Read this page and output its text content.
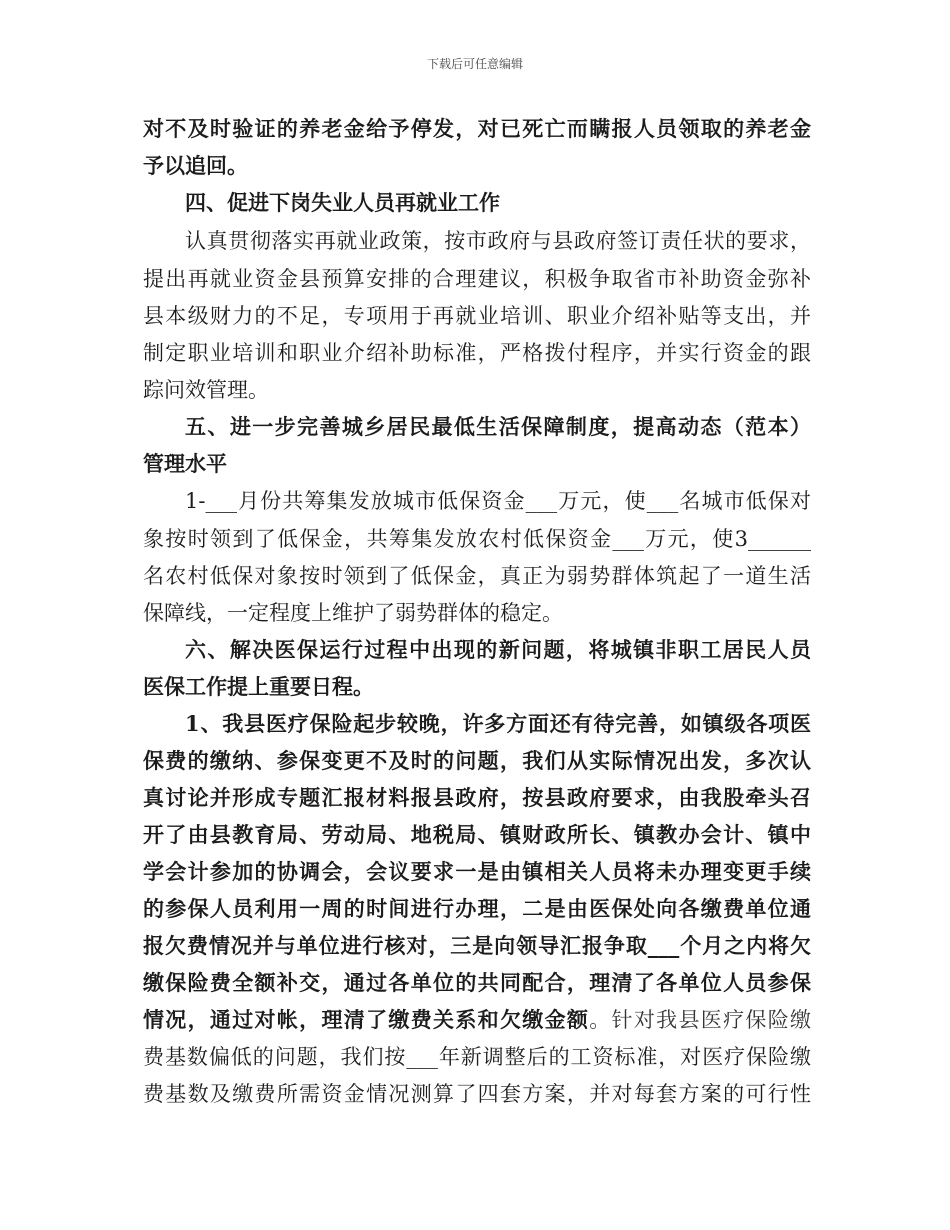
下载后可任意编辑
对不及时验证的养老金给予停发，对已死亡而瞒报人员领取的养老金
予以追回。
四、促进下岗失业人员再就业工作
认真贯彻落实再就业政策，按市政府与县政府签订责任状的要求，
提出再就业资金县预算安排的合理建议，积极争取省市补助资金弥补
县本级财力的不足，专项用于再就业培训、职业介绍补贴等支出，并
制定职业培训和职业介绍补助标准，严格拨付程序，并实行资金的跟
踪问效管理。
五、进一步完善城乡居民最低生活保障制度，提高动态（范本）
管理水平
1-___月份共筹集发放城市低保资金___万元，使___名城市低保对
象按时领到了低保金，共筹集发放农村低保资金___万元，使3______
名农村低保对象按时领到了低保金，真正为弱势群体筑起了一道生活
保障线，一定程度上维护了弱势群体的稳定。
六、解决医保运行过程中出现的新问题，将城镇非职工居民人员
医保工作提上重要日程。
1、我县医疗保险起步较晚，许多方面还有待完善，如镇级各项医
保费的缴纳、参保变更不及时的问题，我们从实际情况出发，多次认
真讨论并形成专题汇报材料报县政府，按县政府要求，由我股牵头召
开了由县教育局、劳动局、地税局、镇财政所长、镇教办会计、镇中
学会计参加的协调会，会议要求一是由镇相关人员将未办理变更手续
的参保人员利用一周的时间进行办理，二是由医保处向各缴费单位通
报欠费情况并与单位进行核对，三是向领导汇报争取___个月之内将欠
缴保险费全额补交，通过各单位的共同配合，理清了各单位人员参保
情况，通过对帐，理清了缴费关系和欠缴金额。针对我县医疗保险缴
费基数偏低的问题，我们按___年新调整后的工资标准，对医疗保险缴
费基数及缴费所需资金情况测算了四套方案，并对每套方案的可行性
